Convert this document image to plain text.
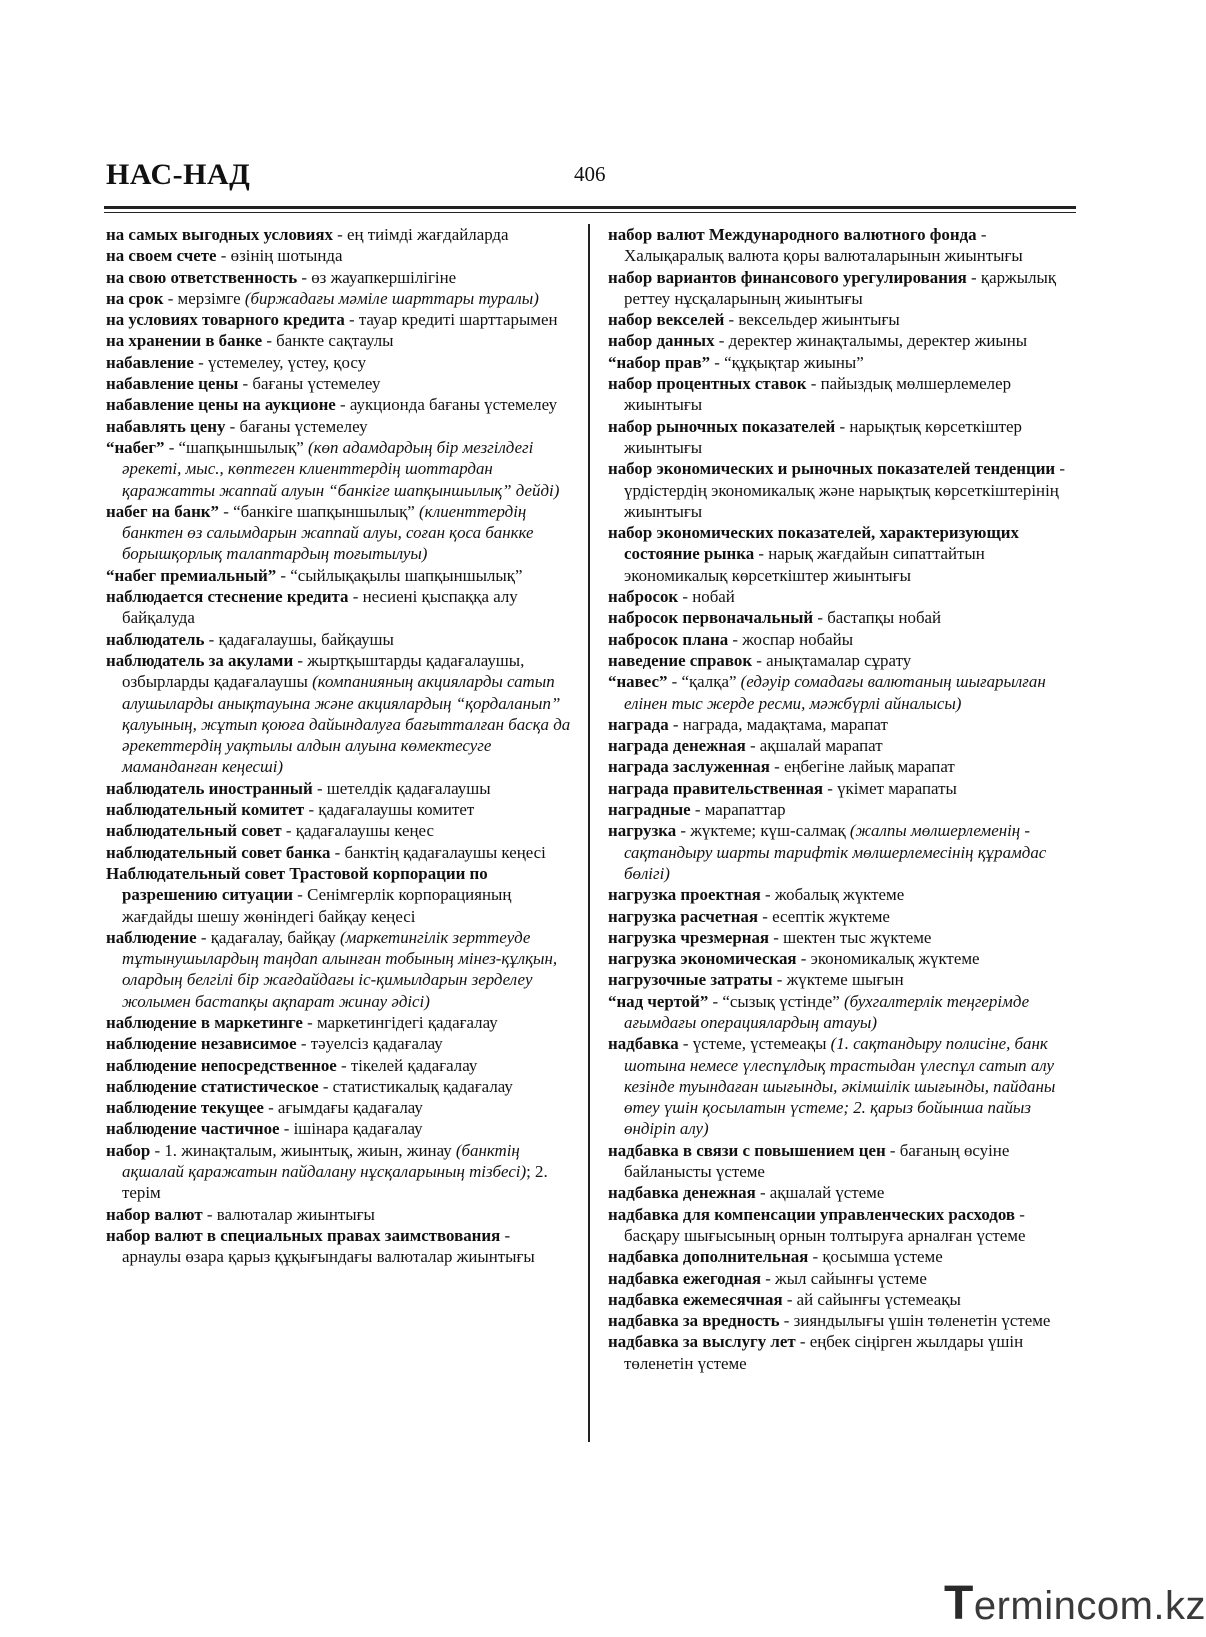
НАС-НАД	406
на самых выгодных условиях - ең тиімді жағдайларда
на своем счете - өзінің шотында
на свою ответственность - өз жауапкершілігіне
на срок - мерзімге (биржадағы мәміле шарттары туралы)
на условиях товарного кредита - тауар кредиті шарттарымен
на хранении в банке - банкте сақтаулы
набавление - үстемелеу, үстеу, қосу
набавление цены - бағаны үстемелеу
набавление цены на аукционе - аукционда бағаны үстемелеу
набавлять цену - бағаны үстемелеу
“набег” - “шапқыншылық” (көп адамдардың бір мезгілдегі әрекеті, мыс., көптеген клиенттердің шоттардан қаражатты жаппай алуын “банкіге шапқыншылық” дейді)
набег на банк” - “банкіге шапқыншылық” (клиенттердің банктен өз салымдарын жаппай алуы, соған қоса банкке борышқорлық талаптардың тоғытылуы)
“набег премиальный” - “сыйлықақылы шапқыншылық”
наблюдается стеснение кредита - несиені қыспаққа алу байқалуда
наблюдатель - қадағалаушы, байқаушы
наблюдатель за акулами - жыртқыштарды қадағалаушы, озбырларды қадағалаушы (компанияның акцияларды сатып алушыларды анықтауына және акциялардың “қордаланып” қалуының, жұтып қоюға дайындалуға бағытталған басқа да әрекеттердің уақтылы алдын алуына көмектесуге маманданған кеңесші)
наблюдатель иностранный - шетелдік қадағалаушы
наблюдательный комитет - қадағалаушы комитет
наблюдательный совет - қадағалаушы кеңес
наблюдательный совет банка - банктің қадағалаушы кеңесі
Наблюдательный совет Трастовой корпорации по разрешению ситуации - Сенімгерлік корпорацияның жағдайды шешу жөніндегі байқау кеңесі
наблюдение - қадағалау, байқау (маркетингілік зерттеуде тұтынушылардың таңдап алынған тобының мінез-құлқын, олардың белгілі бір жағдайдағы іс-қимылдарын зерделеу жолымен бастапқы ақпарат жинау әдісі)
наблюдение в маркетинге - маркетингідегі қадағалау
наблюдение независимое - тәуелсіз қадағалау
наблюдение непосредственное - тікелей қадағалау
наблюдение статистическое - статистикалық қадағалау
наблюдение текущее - ағымдағы қадағалау
наблюдение частичное - ішінара қадағалау
набор - 1. жинақталым, жиынтық, жиын, жинау (банктің ақшалай қаражатын пайдалану нұсқаларының тізбесі); 2. терім
набор валют - валюталар жиынтығы
набор валют в специальных правах заимствования - арнаулы өзара қарыз құқығындағы валюталар жиынтығы
набор валют Международного валютного фонда - Халықаралық валюта қоры валюталарынын жиынтығы
набор вариантов финансового урегулирования - қаржылық реттеу нұсқаларының жиынтығы
набор векселей - вексельдер жиынтығы
набор данных - деректер жинақталымы, деректер жиыны
“набор прав” - “құқықтар жиыны”
набор процентных ставок - пайыздық мөлшерлемелер жиынтығы
набор рыночных показателей - нарықтық көрсеткіштер жиынтығы
набор экономических и рыночных показателей тенденции - үрдістердің экономикалық және нарықтық көрсеткіштерінің жиынтығы
набор экономических показателей, характеризующих состояние рынка - нарық жағдайын сипаттайтын экономикалық көрсеткіштер жиынтығы
набросок - нобай
набросок первоначальный - бастапқы нобай
набросок плана - жоспар нобайы
наведение справок - анықтамалар сұрату
“навес” - “қалқа” (едәуір сомадағы валютаның шығарылған елінен тыс жерде ресми, мәжбүрлі айналысы)
награда - награда, мадақтама, марапат
награда денежная - ақшалай марапат
награда заслуженная - еңбегіне лайық марапат
награда правительственная - үкімет марапаты
наградные - марапаттар
нагрузка - жүктеме; күш-салмақ (жалпы мөлшерлеменің - сақтандыру шарты тарифтік мөлшерлемесінің құрамдас бөлігі)
нагрузка проектная - жобалық жүктеме
нагрузка расчетная - есептік жүктеме
нагрузка чрезмерная - шектен тыс жүктеме
нагрузка экономическая - экономикалық жүктеме
нагрузочные затраты - жүктеме шығын
“над чертой” - “сызық үстінде” (бухгалтерлік теңгерімде ағымдағы операциялардың атауы)
надбавка - үстеме, үстемеақы (1. сақтандыру полисіне, банк шотына немесе үлеспұлдық трастыдан үлеспұл сатып алу кезінде туындаған шығынды, әкімшілік шығынды, пайданы өтеу үшін қосылатын үстеме; 2. қарыз бойынша пайыз өндіріп алу)
надбавка в связи с повышением цен - бағаның өсуіне байланысты үстеме
надбавка денежная - ақшалай үстеме
надбавка для компенсации управленческих расходов - басқару шығысының орнын толтыруға арналған үстеме
надбавка дополнительная - қосымша үстеме
надбавка ежегодная - жыл сайынғы үстеме
надбавка ежемесячная - ай сайынғы үстемеақы
надбавка за вредность - зияндылығы үшін төленетін үстеме
надбавка за выслугу лет - еңбек сіңірген жылдары үшін төленетін үстеме
Termincom.kz
